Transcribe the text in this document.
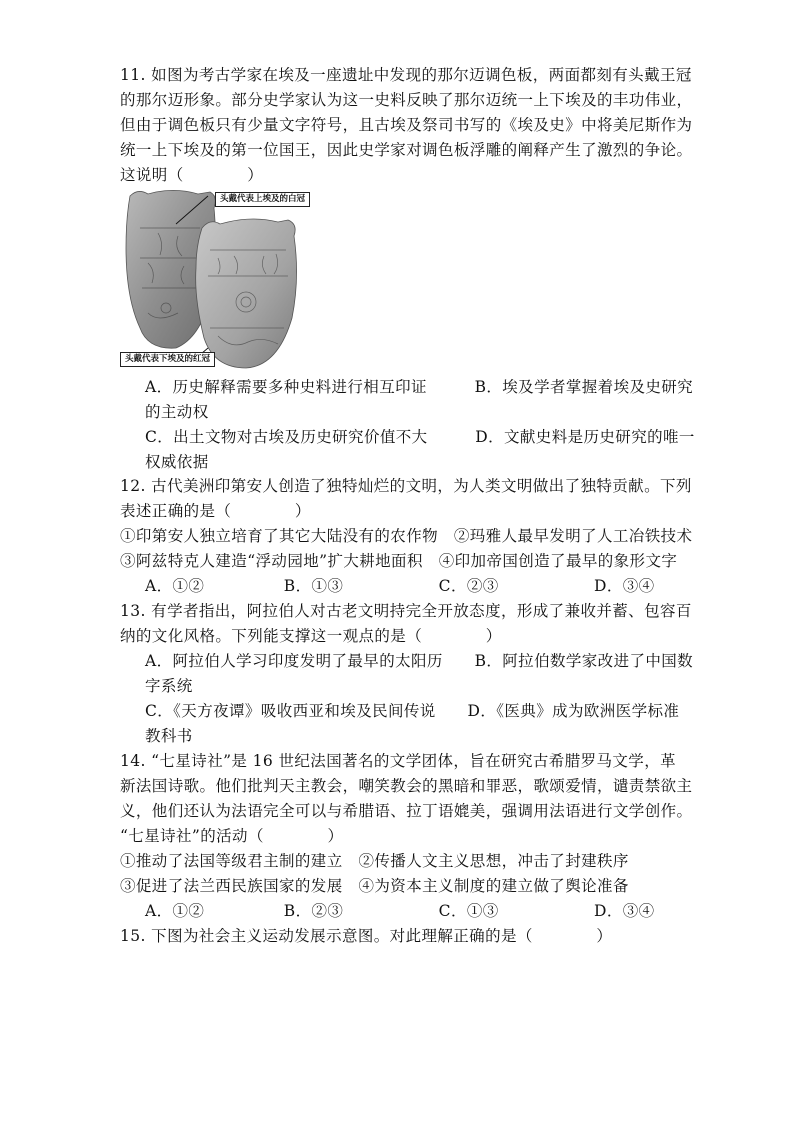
11. 如图为考古学家在埃及一座遗址中发现的那尔迈调色板，两面都刻有头戴王冠
的那尔迈形象。部分史学家认为这一史料反映了那尔迈统一上下埃及的丰功伟业，
但由于调色板只有少量文字符号，且古埃及祭司书写的《埃及史》中将美尼斯作为
统一上下埃及的第一位国王，因此史学家对调色板浮雕的阐释产生了激烈的争论。
这说明（　　　　）
头戴代表上埃及的白冠
头戴代表下埃及的红冠
A．历史解释需要多种史料进行相互印证　　　B．埃及学者掌握着埃及史研究
的主动权
C．出土文物对古埃及历史研究价值不大　　　D．文献史料是历史研究的唯一
权威依据
12. 古代美洲印第安人创造了独特灿烂的文明，为人类文明做出了独特贡献。下列
表述正确的是（　　　　）
①印第安人独立培育了其它大陆没有的农作物　②玛雅人最早发明了人工冶铁技术
③阿兹特克人建造“浮动园地”扩大耕地面积　④印加帝国创造了最早的象形文字
A．①②　　　　　B．①③　　　　　　C．②③　　　　　　D．③④
13. 有学者指出，阿拉伯人对古老文明持完全开放态度，形成了兼收并蓄、包容百
纳的文化风格。下列能支撑这一观点的是（　　　　）
A．阿拉伯人学习印度发明了最早的太阳历　　B．阿拉伯数学家改进了中国数
字系统
C．《天方夜谭》吸收西亚和埃及民间传说　　D．《医典》成为欧洲医学标准
教科书
14. “七星诗社”是 16 世纪法国著名的文学团体，旨在研究古希腊罗马文学，革
新法国诗歌。他们批判天主教会，嘲笑教会的黑暗和罪恶，歌颂爱情，谴责禁欲主
义，他们还认为法语完全可以与希腊语、拉丁语媲美，强调用法语进行文学创作。
“七星诗社”的活动（　　　　）
①推动了法国等级君主制的建立　②传播人文主义思想，冲击了封建秩序
③促进了法兰西民族国家的发展　④为资本主义制度的建立做了舆论准备
A．①②　　　　　B．②③　　　　　　C．①③　　　　　　D．③④
15. 下图为社会主义运动发展示意图。对此理解正确的是（　　　　）
